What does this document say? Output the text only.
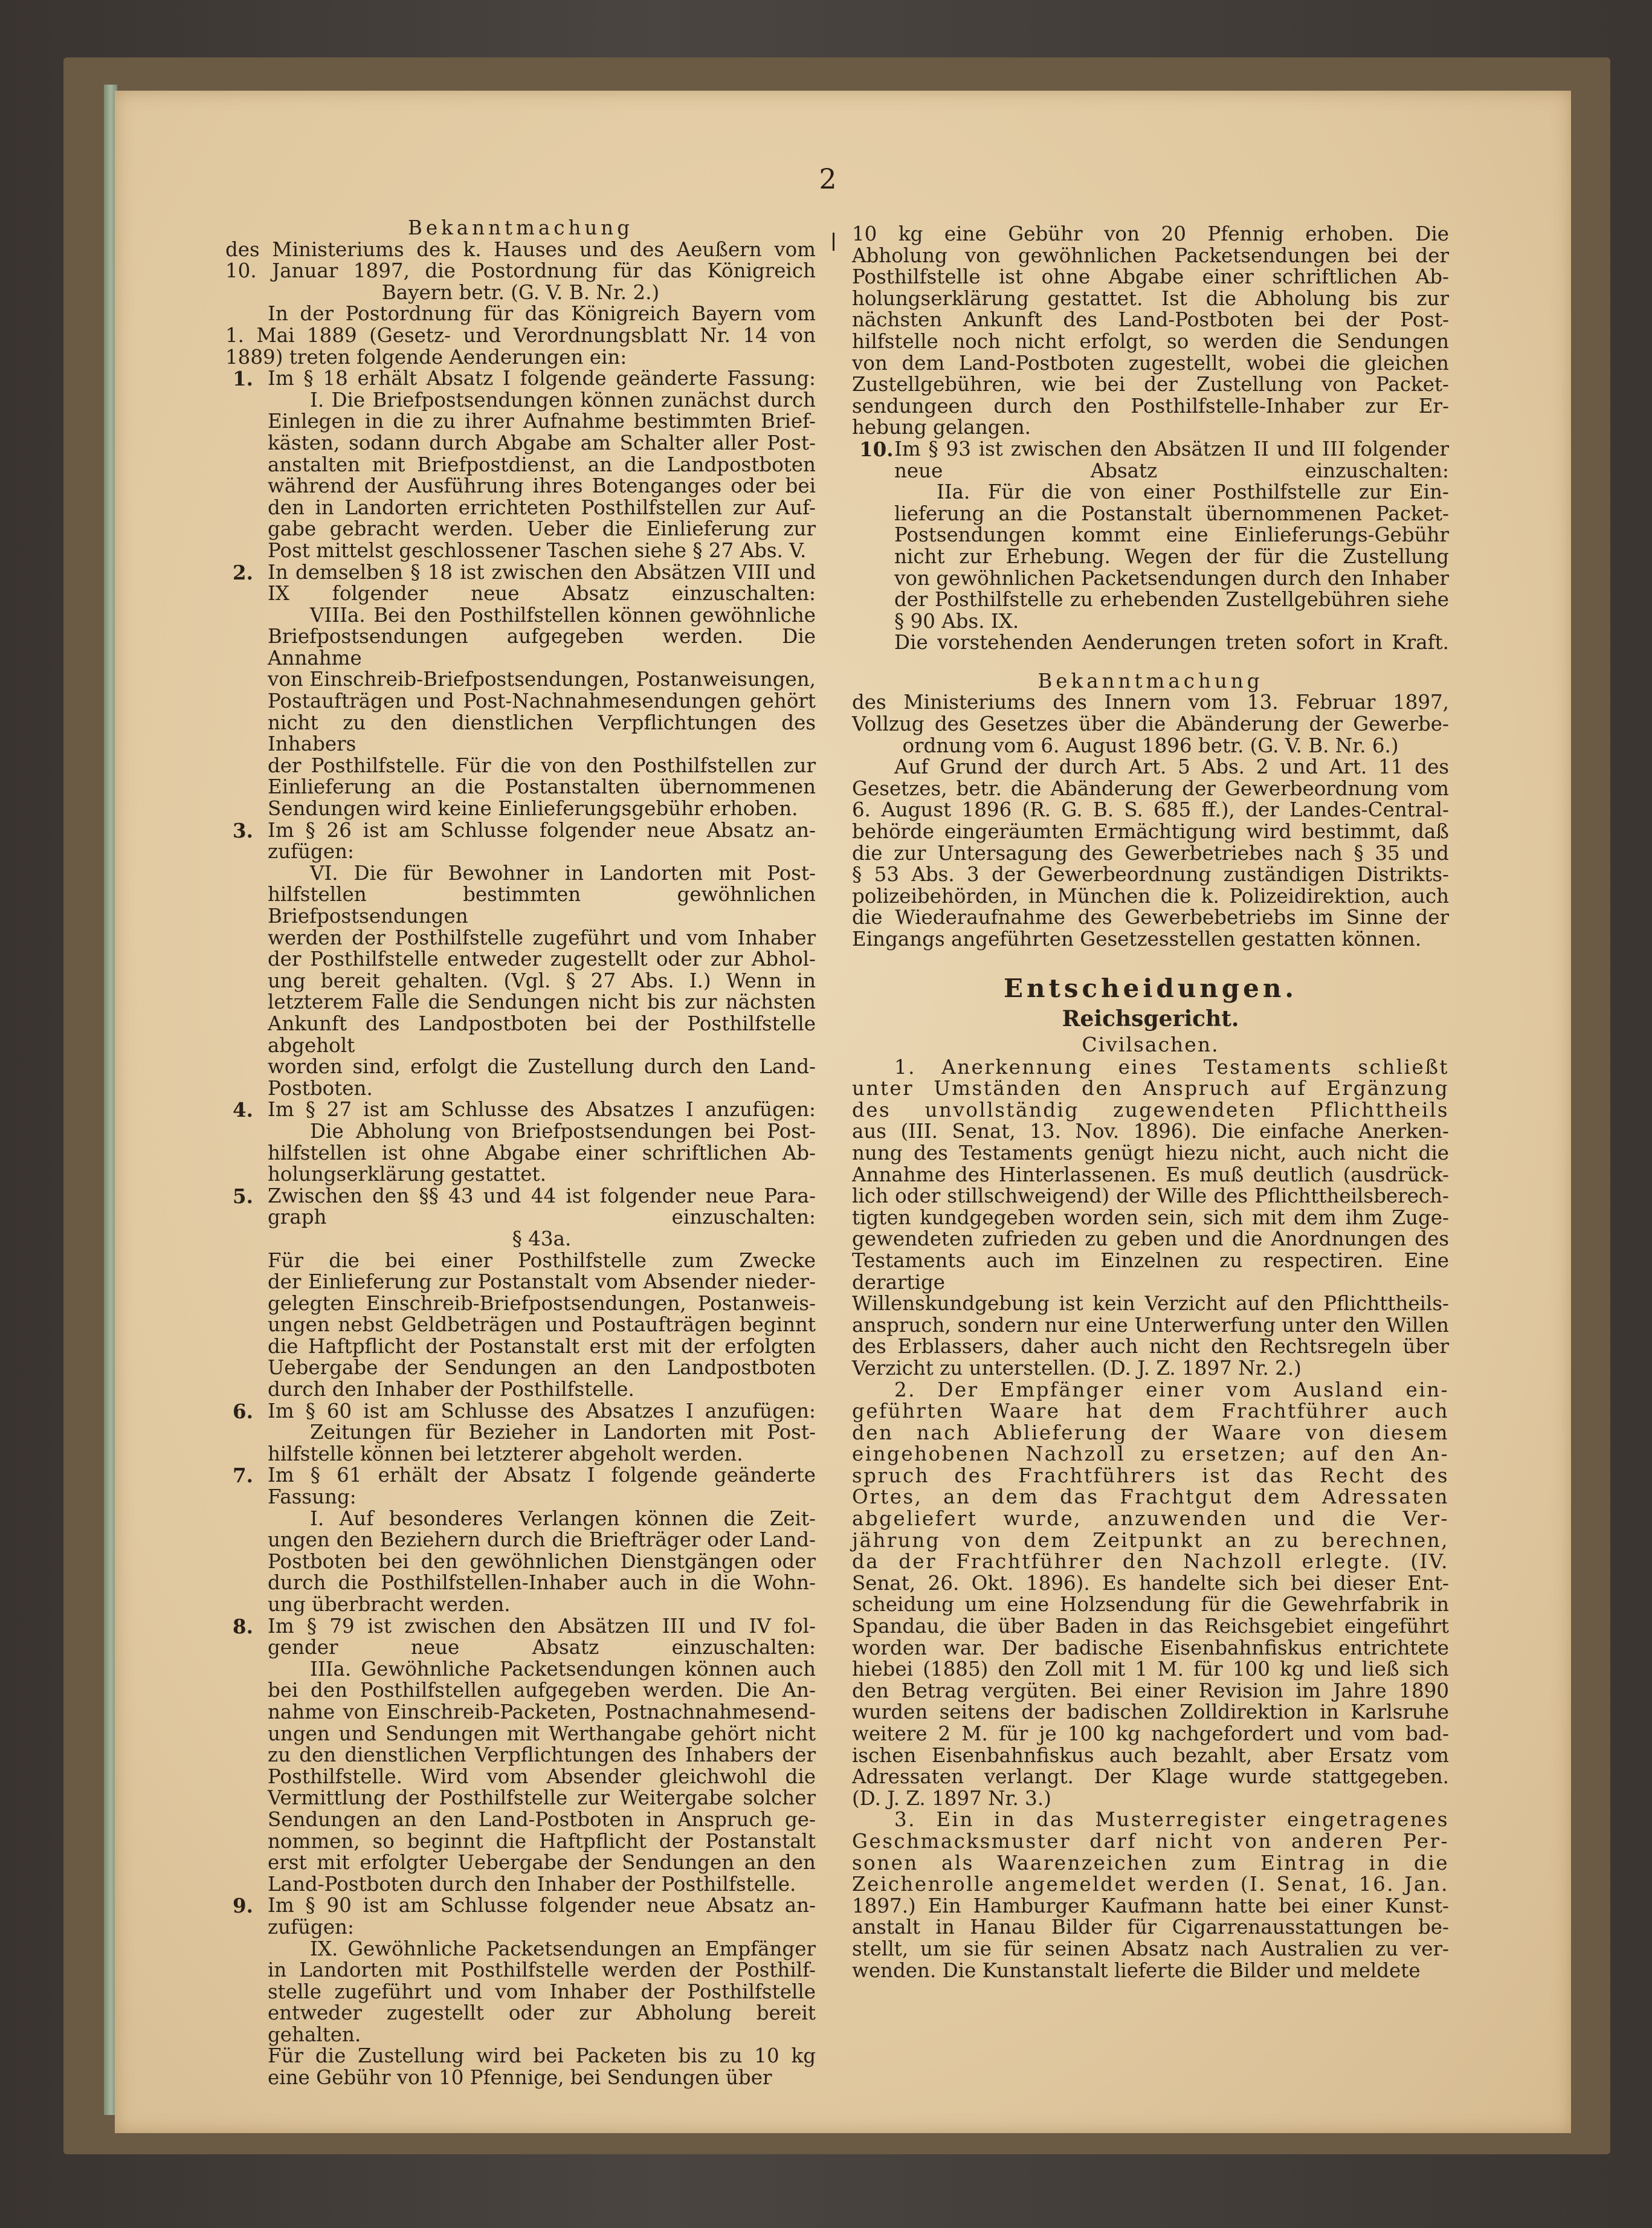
2

Bekanntmachung

des Ministeriums des k. Hauses und des Aeußern vom

10. Januar 1897, die Postordnung für das Königreich

Bayern betr. (G. V. B. Nr. 2.)

In der Postordnung für das Königreich Bayern vom

1. Mai 1889 (Gesetz- und Verordnungsblatt Nr. 14 von

1889) treten folgende Aenderungen ein:

1. Im § 18 erhält Absatz I folgende geänderte Fassung:

I. Die Briefpostsendungen können zunächst durch

Einlegen in die zu ihrer Aufnahme bestimmten Brief-

kästen, sodann durch Abgabe am Schalter aller Post-

anstalten mit Briefpostdienst, an die Landpostboten

während der Ausführung ihres Botenganges oder bei

den in Landorten errichteten Posthilfstellen zur Auf-

gabe gebracht werden. Ueber die Einlieferung zur

Post mittelst geschlossener Taschen siehe § 27 Abs. V.

2. In demselben § 18 ist zwischen den Absätzen VIII und

IX folgender neue Absatz einzuschalten:

VIIIa. Bei den Posthilfstellen können gewöhnliche

Briefpostsendungen aufgegeben werden. Die Annahme

von Einschreib-Briefpostsendungen, Postanweisungen,

Postaufträgen und Post-Nachnahmesendungen gehört

nicht zu den dienstlichen Verpflichtungen des Inhabers

der Posthilfstelle. Für die von den Posthilfstellen zur

Einlieferung an die Postanstalten übernommenen

Sendungen wird keine Einlieferungsgebühr erhoben.

3. Im § 26 ist am Schlusse folgender neue Absatz an-

zufügen:

VI. Die für Bewohner in Landorten mit Post-

hilfstellen bestimmten gewöhnlichen Briefpostsendungen

werden der Posthilfstelle zugeführt und vom Inhaber

der Posthilfstelle entweder zugestellt oder zur Abhol-

ung bereit gehalten. (Vgl. § 27 Abs. I.) Wenn in

letzterem Falle die Sendungen nicht bis zur nächsten

Ankunft des Landpostboten bei der Posthilfstelle abgeholt

worden sind, erfolgt die Zustellung durch den Land-

Postboten.

4. Im § 27 ist am Schlusse des Absatzes I anzufügen:

Die Abholung von Briefpostsendungen bei Post-

hilfstellen ist ohne Abgabe einer schriftlichen Ab-

holungserklärung gestattet.

5. Zwischen den §§ 43 und 44 ist folgender neue Para-

graph einzuschalten:

§ 43a.

Für die bei einer Posthilfstelle zum Zwecke

der Einlieferung zur Postanstalt vom Absender nieder-

gelegten Einschreib-Briefpostsendungen, Postanweis-

ungen nebst Geldbeträgen und Postaufträgen beginnt

die Haftpflicht der Postanstalt erst mit der erfolgten

Uebergabe der Sendungen an den Landpostboten

durch den Inhaber der Posthilfstelle.

6. Im § 60 ist am Schlusse des Absatzes I anzufügen:

Zeitungen für Bezieher in Landorten mit Post-

hilfstelle können bei letzterer abgeholt werden.

7. Im § 61 erhält der Absatz I folgende geänderte Fassung:

I. Auf besonderes Verlangen können die Zeit-

ungen den Beziehern durch die Briefträger oder Land-

Postboten bei den gewöhnlichen Dienstgängen oder

durch die Posthilfstellen-Inhaber auch in die Wohn-

ung überbracht werden.

8. Im § 79 ist zwischen den Absätzen III und IV fol-

gender neue Absatz einzuschalten:

IIIa. Gewöhnliche Packetsendungen können auch

bei den Posthilfstellen aufgegeben werden. Die An-

nahme von Einschreib-Packeten, Postnachnahmesend-

ungen und Sendungen mit Werthangabe gehört nicht

zu den dienstlichen Verpflichtungen des Inhabers der

Posthilfstelle. Wird vom Absender gleichwohl die

Vermittlung der Posthilfstelle zur Weitergabe solcher

Sendungen an den Land-Postboten in Anspruch ge-

nommen, so beginnt die Haftpflicht der Postanstalt

erst mit erfolgter Uebergabe der Sendungen an den

Land-Postboten durch den Inhaber der Posthilfstelle.

9. Im § 90 ist am Schlusse folgender neue Absatz an-

zufügen:

IX. Gewöhnliche Packetsendungen an Empfänger

in Landorten mit Posthilfstelle werden der Posthilf-

stelle zugeführt und vom Inhaber der Posthilfstelle

entweder zugestellt oder zur Abholung bereit gehalten.

Für die Zustellung wird bei Packeten bis zu 10 kg

eine Gebühr von 10 Pfennige, bei Sendungen über

10 kg eine Gebühr von 20 Pfennig erhoben. Die

Abholung von gewöhnlichen Packetsendungen bei der

Posthilfstelle ist ohne Abgabe einer schriftlichen Ab-

holungserklärung gestattet. Ist die Abholung bis zur

nächsten Ankunft des Land-Postboten bei der Post-

hilfstelle noch nicht erfolgt, so werden die Sendungen

von dem Land-Postboten zugestellt, wobei die gleichen

Zustellgebühren, wie bei der Zustellung von Packet-

sendungeen durch den Posthilfstelle-Inhaber zur Er-

hebung gelangen.

10. Im § 93 ist zwischen den Absätzen II und III folgender

neue Absatz einzuschalten:

IIa. Für die von einer Posthilfstelle zur Ein-

lieferung an die Postanstalt übernommenen Packet-

Postsendungen kommt eine Einlieferungs-Gebühr

nicht zur Erhebung. Wegen der für die Zustellung

von gewöhnlichen Packetsendungen durch den Inhaber

der Posthilfstelle zu erhebenden Zustellgebühren siehe

§ 90 Abs. IX.

Die vorstehenden Aenderungen treten sofort in Kraft.

Bekanntmachung

des Ministeriums des Innern vom 13. Februar 1897,

Vollzug des Gesetzes über die Abänderung der Gewerbe-

ordnung vom 6. August 1896 betr. (G. V. B. Nr. 6.)

Auf Grund der durch Art. 5 Abs. 2 und Art. 11 des

Gesetzes, betr. die Abänderung der Gewerbeordnung vom

6. August 1896 (R. G. B. S. 685 ff.), der Landes-Central-

behörde eingeräumten Ermächtigung wird bestimmt, daß

die zur Untersagung des Gewerbetriebes nach § 35 und

§ 53 Abs. 3 der Gewerbeordnung zuständigen Distrikts-

polizeibehörden, in München die k. Polizeidirektion, auch

die Wiederaufnahme des Gewerbebetriebs im Sinne der

Eingangs angeführten Gesetzesstellen gestatten können.

Entscheidungen.

Reichsgericht.

Civilsachen.

1. Anerkennung eines Testaments schließt

unter Umständen den Anspruch auf Ergänzung

des unvollständig zugewendeten Pflichttheils

aus (III. Senat, 13. Nov. 1896). Die einfache Anerken-

nung des Testaments genügt hiezu nicht, auch nicht die

Annahme des Hinterlassenen. Es muß deutlich (ausdrück-

lich oder stillschweigend) der Wille des Pflichttheilsberech-

tigten kundgegeben worden sein, sich mit dem ihm Zuge-

gewendeten zufrieden zu geben und die Anordnungen des

Testaments auch im Einzelnen zu respectiren. Eine derartige

Willenskundgebung ist kein Verzicht auf den Pflichttheils-

anspruch, sondern nur eine Unterwerfung unter den Willen

des Erblassers, daher auch nicht den Rechtsregeln über

Verzicht zu unterstellen. (D. J. Z. 1897 Nr. 2.)

2. Der Empfänger einer vom Ausland ein-

geführten Waare hat dem Frachtführer auch

den nach Ablieferung der Waare von diesem

eingehobenen Nachzoll zu ersetzen; auf den An-

spruch des Frachtführers ist das Recht des

Ortes, an dem das Frachtgut dem Adressaten

abgeliefert wurde, anzuwenden und die Ver-

jährung von dem Zeitpunkt an zu berechnen,

da der Frachtführer den Nachzoll erlegte. (IV.

Senat, 26. Okt. 1896). Es handelte sich bei dieser Ent-

scheidung um eine Holzsendung für die Gewehrfabrik in

Spandau, die über Baden in das Reichsgebiet eingeführt

worden war. Der badische Eisenbahnfiskus entrichtete

hiebei (1885) den Zoll mit 1 M. für 100 kg und ließ sich

den Betrag vergüten. Bei einer Revision im Jahre 1890

wurden seitens der badischen Zolldirektion in Karlsruhe

weitere 2 M. für je 100 kg nachgefordert und vom bad-

ischen Eisenbahnfiskus auch bezahlt, aber Ersatz vom

Adressaten verlangt. Der Klage wurde stattgegeben.

(D. J. Z. 1897 Nr. 3.)

3. Ein in das Musterregister eingetragenes

Geschmacksmuster darf nicht von anderen Per-

sonen als Waarenzeichen zum Eintrag in die

Zeichenrolle angemeldet werden (I. Senat, 16. Jan.

1897.) Ein Hamburger Kaufmann hatte bei einer Kunst-

anstalt in Hanau Bilder für Cigarrenausstattungen be-

stellt, um sie für seinen Absatz nach Australien zu ver-

wenden. Die Kunstanstalt lieferte die Bilder und meldete
